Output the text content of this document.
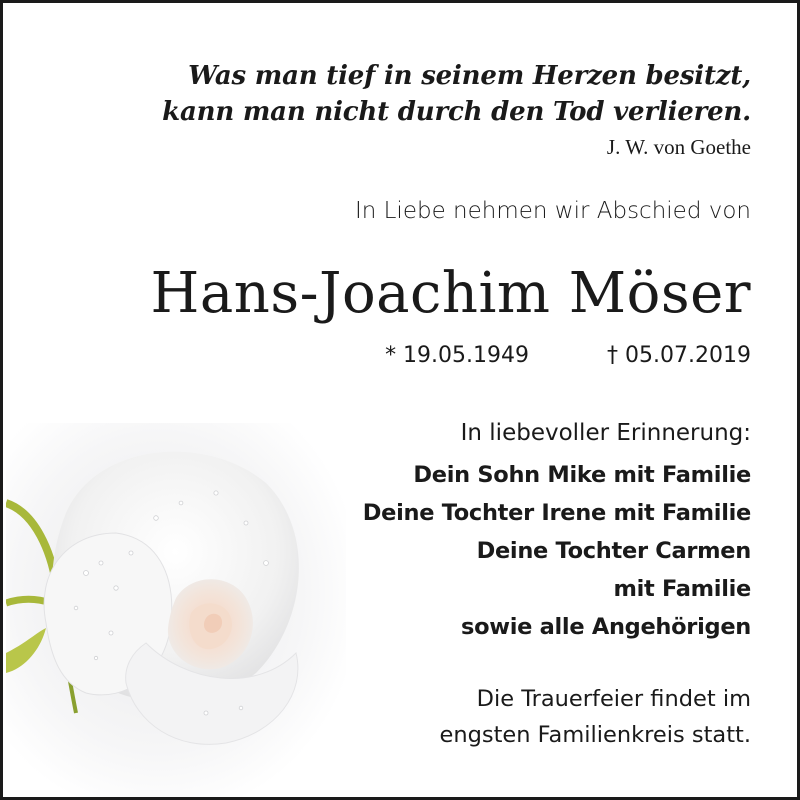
Was man tief in seinem Herzen besitzt,
kann man nicht durch den Tod verlieren.
J. W. von Goethe
In Liebe nehmen wir Abschied von
Hans-Joachim Möser
* 19.05.1949	† 05.07.2019
In liebevoller Erinnerung:
Dein Sohn Mike mit Familie
Deine Tochter Irene mit Familie
Deine Tochter Carmen
mit Familie
sowie alle Angehörigen
Die Trauerfeier findet im
engsten Familienkreis statt.
